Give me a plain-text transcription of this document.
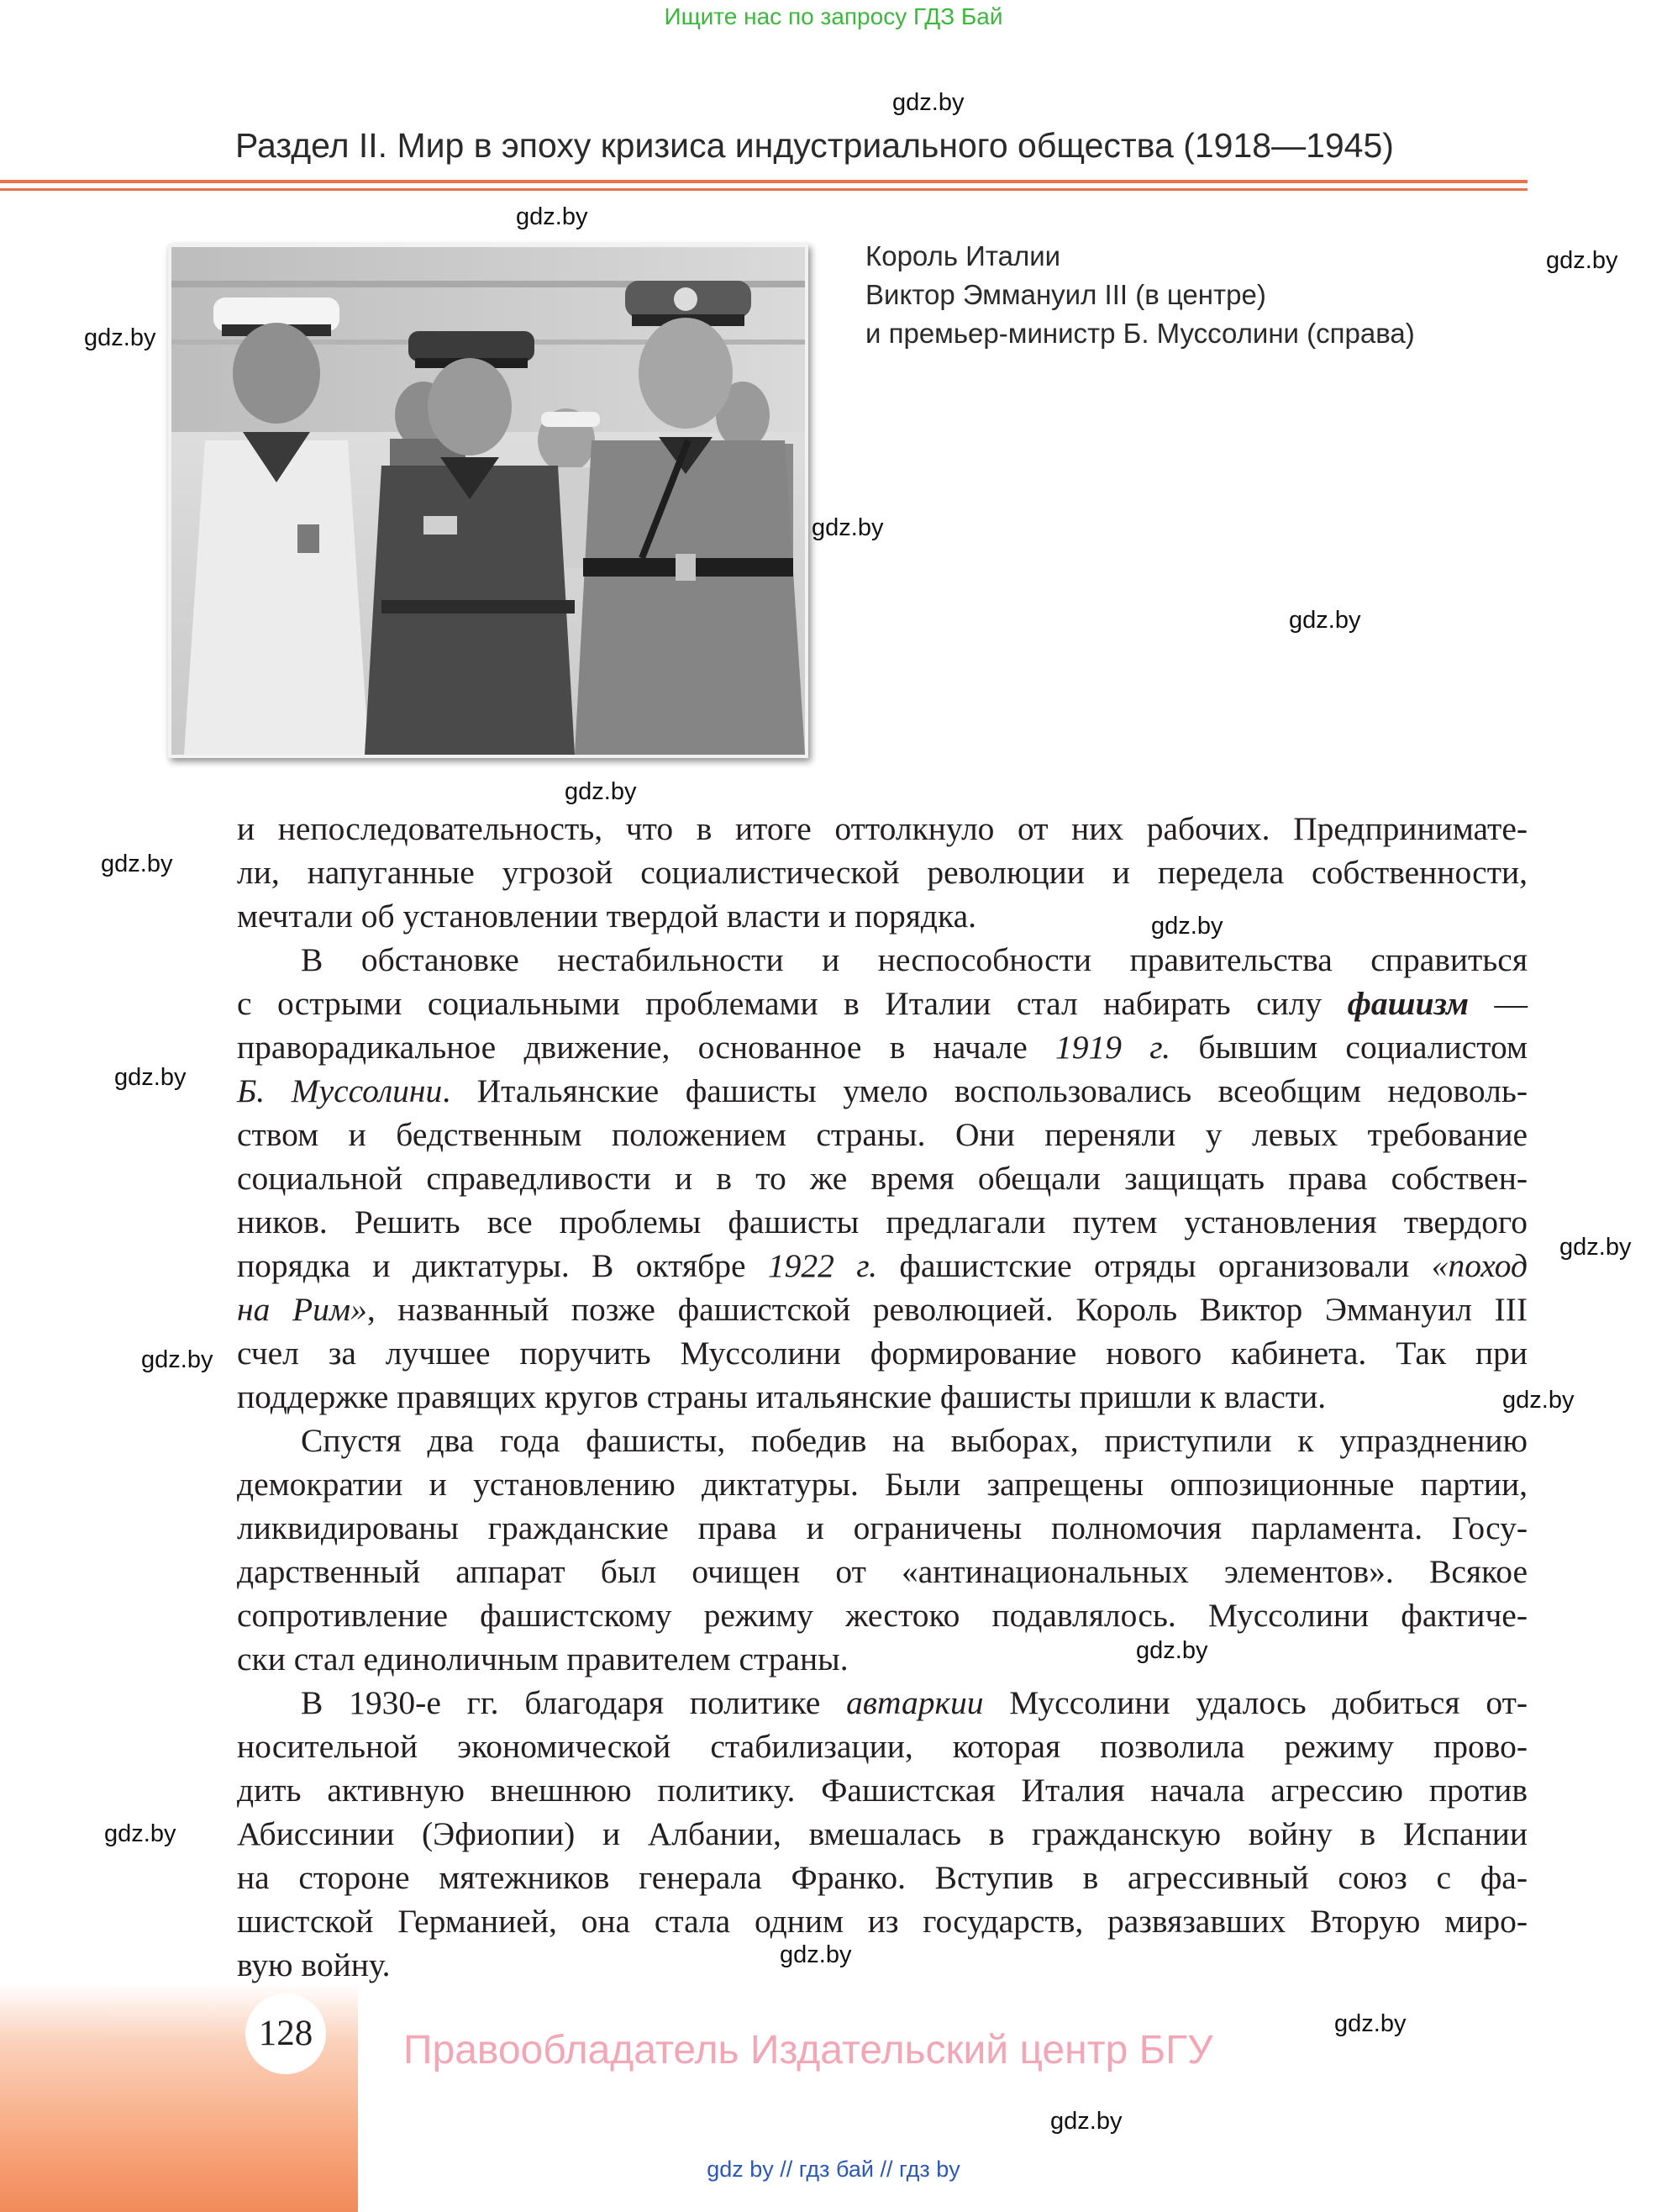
Ищите нас по запросу ГДЗ Бай
gdz.by
Раздел II. Мир в эпоху кризиса индустриального общества (1918—1945)
gdz.by
gdz.by
gdz.by
gdz.by
gdz.by
gdz.by
gdz.by
gdz.by
gdz.by
gdz.by
gdz.by
gdz.by
gdz.by
gdz.by
gdz.by
gdz.by
gdz.by
Король Италии
Виктор Эммануил III (в центре)
и премьер-министр Б. Муссолини (справа)
и непоследовательность, что в итоге оттолкнуло от них рабочих. Предпринимате-
ли, напуганные угрозой социалистической революции и передела собственности,
мечтали об установлении твердой власти и порядка.
В обстановке нестабильности и неспособности правительства справиться
с острыми социальными проблемами в Италии стал набирать силу фашизм —
праворадикальное движение, основанное в начале 1919 г. бывшим социалистом
Б. Муссолини. Итальянские фашисты умело воспользовались всеобщим недоволь-
ством и бедственным положением страны. Они переняли у левых требование
социальной справедливости и в то же время обещали защищать права собствен-
ников. Решить все проблемы фашисты предлагали путем установления твердого
порядка и диктатуры. В октябре 1922 г. фашистские отряды организовали «поход
на Рим», названный позже фашистской революцией. Король Виктор Эммануил III
счел за лучшее поручить Муссолини формирование нового кабинета. Так при
поддержке правящих кругов страны итальянские фашисты пришли к власти.
Спустя два года фашисты, победив на выборах, приступили к упразднению
демократии и установлению диктатуры. Были запрещены оппозиционные партии,
ликвидированы гражданские права и ограничены полномочия парламента. Госу-
дарственный аппарат был очищен от «антинациональных элементов». Всякое
сопротивление фашистскому режиму жестоко подавлялось. Муссолини фактиче-
ски стал единоличным правителем страны.
В 1930-е гг. благодаря политике автаркии Муссолини удалось добиться от-
носительной экономической стабилизации, которая позволила режиму прово-
дить активную внешнюю политику. Фашистская Италия начала агрессию против
Абиссинии (Эфиопии) и Албании, вмешалась в гражданскую войну в Испании
на стороне мятежников генерала Франко. Вступив в агрессивный союз с фа-
шистской Германией, она стала одним из государств, развязавших Вторую миро-
вую войну.
128	Правообладатель Издательский центр БГУ
gdz by // гдз бай // гдз by
